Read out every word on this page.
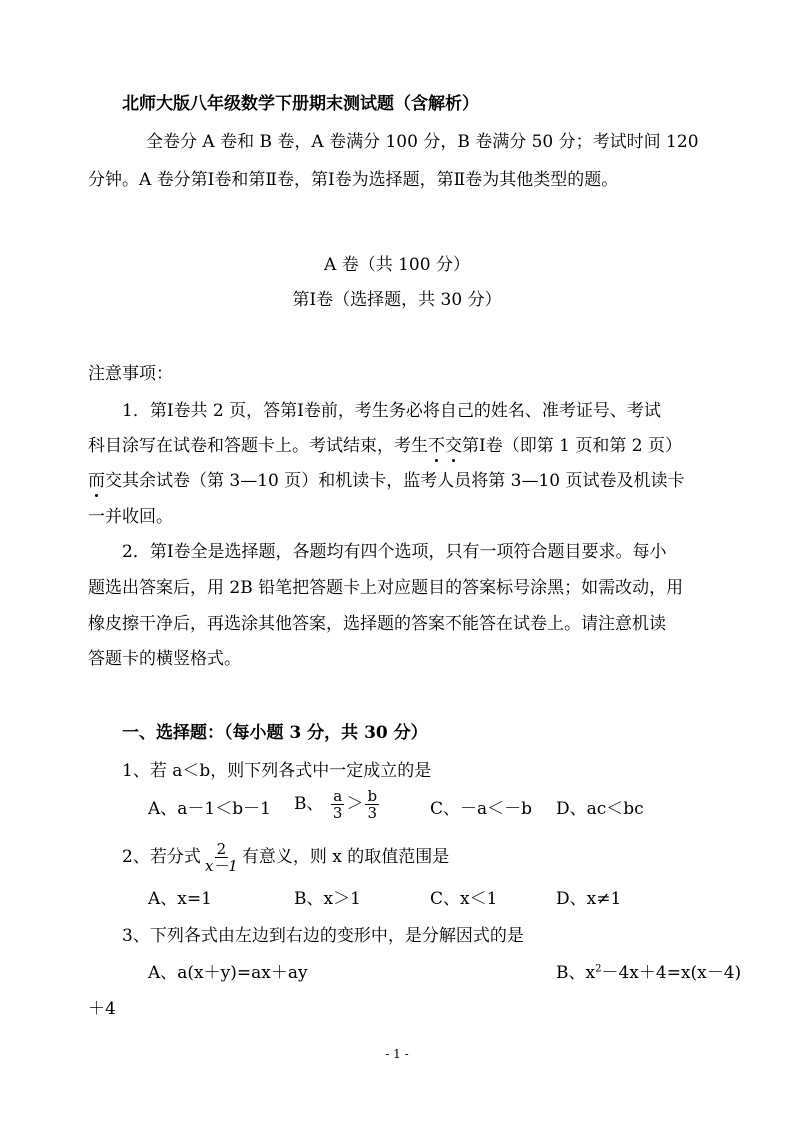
北师大版八年级数学下册期末测试题（含解析）
全卷分 A 卷和 B 卷，A 卷满分 100 分，B 卷满分 50 分；考试时间 120
分钟。A 卷分第Ⅰ卷和第Ⅱ卷，第Ⅰ卷为选择题，第Ⅱ卷为其他类型的题。
A 卷（共 100 分）
第Ⅰ卷（选择题，共 30 分）
注意事项：
1．第Ⅰ卷共 2 页，答第Ⅰ卷前，考生务必将自己的姓名、准考证号、考试
科目涂写在试卷和答题卡上。考试结束，考生不交第Ⅰ卷（即第 1 页和第 2 页）
而交其余试卷（第 3—10 页）和机读卡，监考人员将第 3—10 页试卷及机读卡
一并收回。
2．第Ⅰ卷全是选择题，各题均有四个选项，只有一项符合题目要求。每小
题选出答案后，用 2B 铅笔把答题卡上对应题目的答案标号涂黑；如需改动，用
橡皮擦干净后，再选涂其他答案，选择题的答案不能答在试卷上。请注意机读
答题卡的横竖格式。
一、选择题：（每小题 3 分，共 30 分）
1、若 a＜b，则下列各式中一定成立的是
A、a－1＜b－1 B、 $\frac{a}{3} > \frac{b}{3}$	C、－a＜－b D、ac＜bc
2、若分式 $\frac{2}{x-1}$ 有意义，则 x 的取值范围是
A、x=1	B、x＞1	C、x＜1	D、x≠1
3、下列各式由左边到右边的变形中，是分解因式的是
A、a(x＋y)=ax＋ay	B、$x^2-4x+4=x(x-4)$
＋4
- 1 -
